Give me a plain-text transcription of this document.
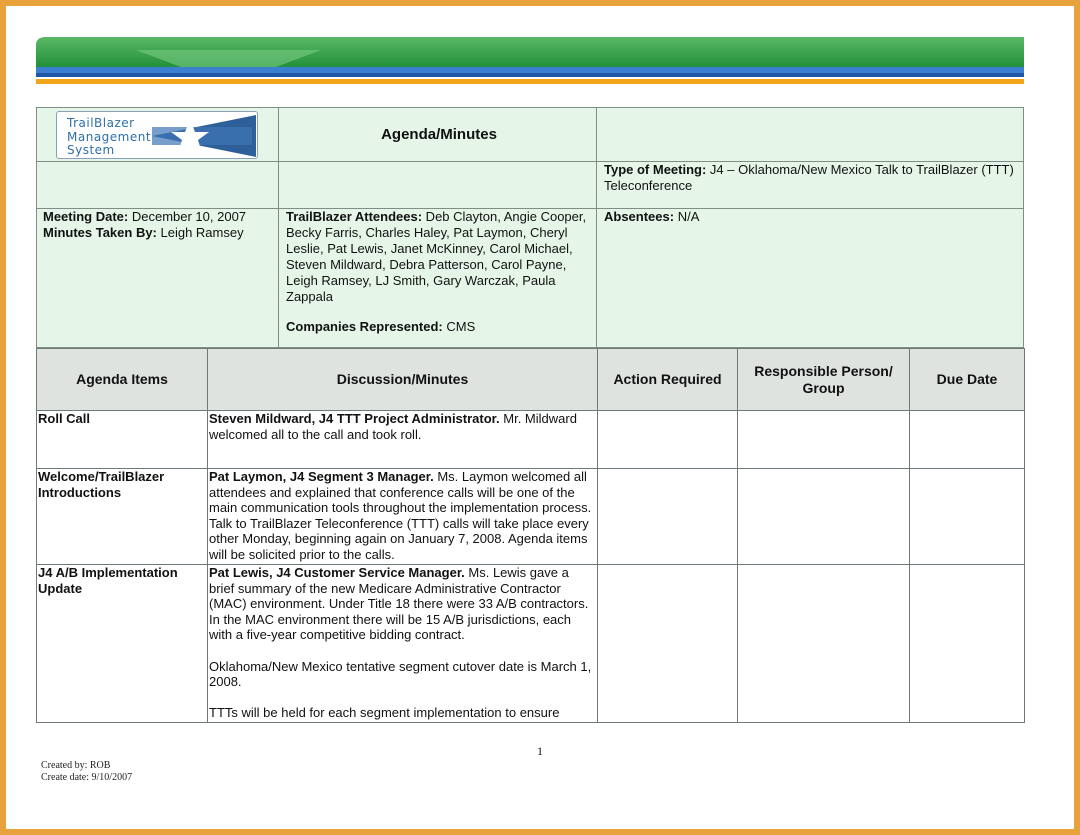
TrailBlazer
Management
System
Agenda/Minutes
Type of Meeting: J4 – Oklahoma/New Mexico Talk to TrailBlazer (TTT) Teleconference
Meeting Date: December 10, 2007
Minutes Taken By: Leigh Ramsey
TrailBlazer Attendees: Deb Clayton, Angie Cooper, Becky Farris, Charles Haley, Pat Laymon, Cheryl Leslie, Pat Lewis, Janet McKinney, Carol Michael, Steven Mildward, Debra Patterson, Carol Payne, Leigh Ramsey, LJ Smith, Gary Warczak, Paula Zappala
Companies Represented: CMS
Absentees: N/A
Agenda Items	Discussion/Minutes	Action Required	Responsible Person/ Group	Due Date
Roll Call	Steven Mildward, J4 TTT Project Administrator. Mr. Mildward welcomed all to the call and took roll.			
Welcome/TrailBlazer Introductions	Pat Laymon, J4 Segment 3 Manager. Ms. Laymon welcomed all attendees and explained that conference calls will be one of the main communication tools throughout the implementation process. Talk to TrailBlazer Teleconference (TTT) calls will take place every other Monday, beginning again on January 7, 2008. Agenda items will be solicited prior to the calls.			
J4 A/B Implementation Update	Pat Lewis, J4 Customer Service Manager. Ms. Lewis gave a brief summary of the new Medicare Administrative Contractor (MAC) environment. Under Title 18 there were 33 A/B contractors. In the MAC environment there will be 15 A/B jurisdictions, each with a five-year competitive bidding contract.

Oklahoma/New Mexico tentative segment cutover date is March 1, 2008.

TTTs will be held for each segment implementation to ensure			

1
Created by: ROB
Create date: 9/10/2007
